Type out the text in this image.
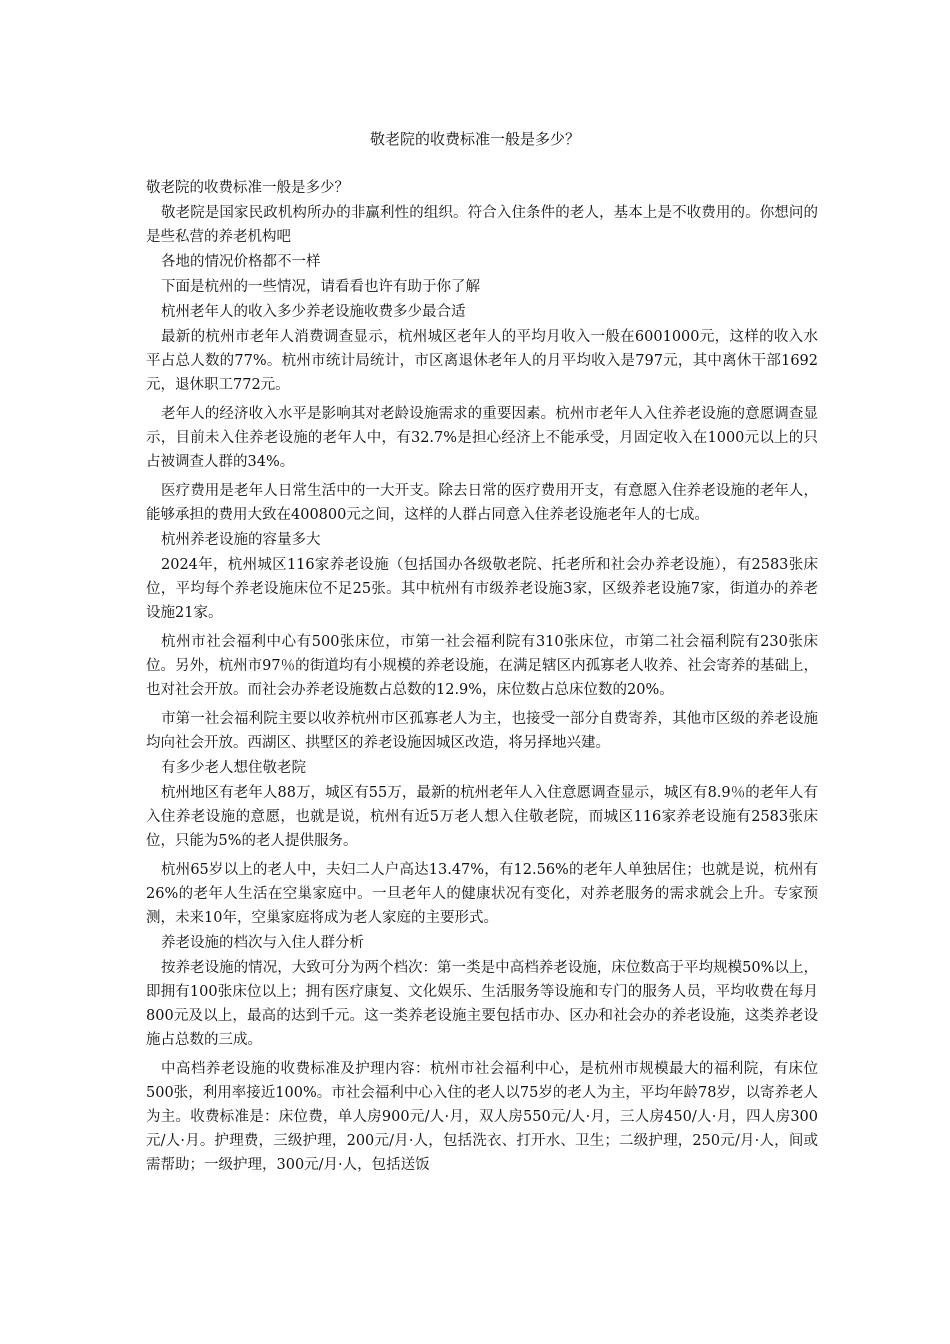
敬老院的收费标准一般是多少？

敬老院的收费标准一般是多少？

敬老院是国家民政机构所办的非赢利性的组织。符合入住条件的老人，基本上是不收费用的。你想问的是些私营的养老机构吧

各地的情况价格都不一样

下面是杭州的一些情况，请看看也许有助于你了解

杭州老年人的收入多少养老设施收费多少最合适

最新的杭州市老年人消费调查显示，杭州城区老年人的平均月收入一般在6001000元，这样的收入水平占总人数的77%。杭州市统计局统计，市区离退休老年人的月平均收入是797元，其中离休干部1692元，退休职工772元。

老年人的经济收入水平是影响其对老龄设施需求的重要因素。杭州市老年人入住养老设施的意愿调查显示，目前未入住养老设施的老年人中，有32.7%是担心经济上不能承受，月固定收入在1000元以上的只占被调查人群的34%。

医疗费用是老年人日常生活中的一大开支。除去日常的医疗费用开支，有意愿入住养老设施的老年人，能够承担的费用大致在400800元之间，这样的人群占同意入住养老设施老年人的七成。

杭州养老设施的容量多大

2024年，杭州城区116家养老设施（包括国办各级敬老院、托老所和社会办养老设施），有2583张床位，平均每个养老设施床位不足25张。其中杭州有市级养老设施3家，区级养老设施7家，街道办的养老设施21家。

杭州市社会福利中心有500张床位，市第一社会福利院有310张床位，市第二社会福利院有230张床位。另外，杭州市97％的街道均有小规模的养老设施，在满足辖区内孤寡老人收养、社会寄养的基础上，也对社会开放。而社会办养老设施数占总数的12.9%，床位数占总床位数的20%。

市第一社会福利院主要以收养杭州市区孤寡老人为主，也接受一部分自费寄养，其他市区级的养老设施均向社会开放。西湖区、拱墅区的养老设施因城区改造，将另择地兴建。

有多少老人想住敬老院

杭州地区有老年人88万，城区有55万，最新的杭州老年人入住意愿调查显示，城区有8.9％的老年人有入住养老设施的意愿，也就是说，杭州有近5万老人想入住敬老院，而城区116家养老设施有2583张床位，只能为5%的老人提供服务。

杭州65岁以上的老人中，夫妇二人户高达13.47%，有12.56%的老年人单独居住；也就是说，杭州有26%的老年人生活在空巢家庭中。一旦老年人的健康状况有变化，对养老服务的需求就会上升。专家预测，未来10年，空巢家庭将成为老人家庭的主要形式。

养老设施的档次与入住人群分析

按养老设施的情况，大致可分为两个档次：第一类是中高档养老设施，床位数高于平均规模50%以上，即拥有100张床位以上；拥有医疗康复、文化娱乐、生活服务等设施和专门的服务人员，平均收费在每月800元及以上，最高的达到千元。这一类养老设施主要包括市办、区办和社会办的养老设施，这类养老设施占总数的三成。

中高档养老设施的收费标准及护理内容：杭州市社会福利中心，是杭州市规模最大的福利院，有床位500张，利用率接近100%。市社会福利中心入住的老人以75岁的老人为主，平均年龄78岁，以寄养老人为主。收费标准是：床位费，单人房900元/人·月，双人房550元/人·月，三人房450/人·月，四人房300元/人·月。护理费，三级护理，200元/月·人，包括洗衣、打开水、卫生；二级护理，250元/月·人，间或需帮助；一级护理，300元/月·人，包括送饭
